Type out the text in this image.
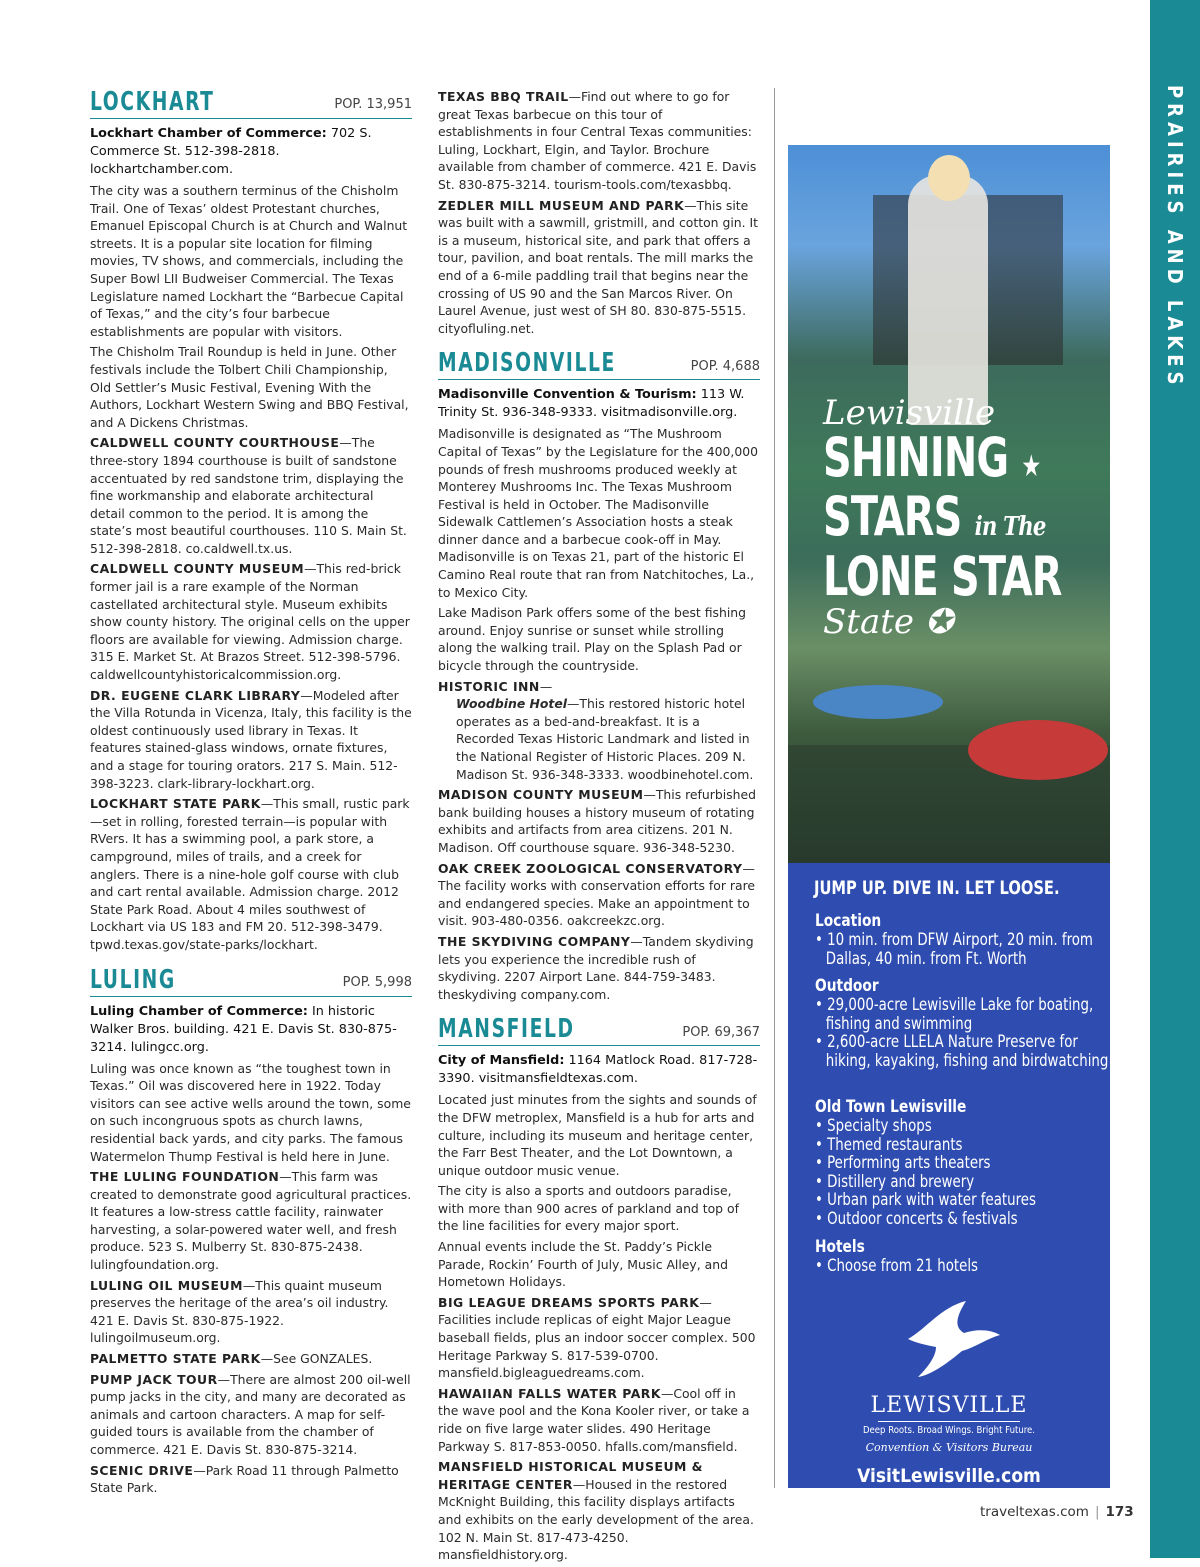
PRAIRIES AND LAKES
LOCKHART	POP. 13,951

Lockhart Chamber of Commerce: 702 S. Commerce St. 512-398-2818. lockhartchamber.com.

The city was a southern terminus of the Chisholm Trail. One of Texas’ oldest Protestant churches, Emanuel Episcopal Church is at Church and Walnut streets. It is a popular site location for filming movies, TV shows, and commercials, including the Super Bowl LII Budweiser Commercial. The Texas Legislature named Lockhart the “Barbecue Capital of Texas,” and the city’s four barbecue establishments are popular with visitors.

The Chisholm Trail Roundup is held in June. Other festivals include the Tolbert Chili Championship, Old Settler’s Music Festival, Evening With the Authors, Lockhart Western Swing and BBQ Festival, and A Dickens Christmas.

CALDWELL COUNTY COURTHOUSE—The three-story 1894 courthouse is built of sandstone accentuated by red sandstone trim, displaying the fine workmanship and elaborate architectural detail common to the period. It is among the state’s most beautiful courthouses. 110 S. Main St. 512-398-2818. co.caldwell.tx.us.

CALDWELL COUNTY MUSEUM—This red-brick former jail is a rare example of the Norman castellated architectural style. Museum exhibits show county history. The original cells on the upper floors are available for viewing. Admission charge. 315 E. Market St. At Brazos Street. 512-398-5796. caldwellcountyhistoricalcommission.org.

DR. EUGENE CLARK LIBRARY—Modeled after the Villa Rotunda in Vicenza, Italy, this facility is the oldest continuously used library in Texas. It features stained-glass windows, ornate fixtures, and a stage for touring orators. 217 S. Main. 512-398-3223. clark-library-lockhart.org.

LOCKHART STATE PARK—This small, rustic park—set in rolling, forested terrain—is popular with RVers. It has a swimming pool, a park store, a campground, miles of trails, and a creek for anglers. There is a nine-hole golf course with club and cart rental available. Admission charge. 2012 State Park Road. About 4 miles southwest of Lockhart via US 183 and FM 20. 512-398-3479. tpwd.texas.gov/state-parks/lockhart.

LULING	POP. 5,998

Luling Chamber of Commerce: In historic Walker Bros. building. 421 E. Davis St. 830-875-3214. lulingcc.org.

Luling was once known as “the toughest town in Texas.” Oil was discovered here in 1922. Today visitors can see active wells around the town, some on such incongruous spots as church lawns, residential back yards, and city parks. The famous Watermelon Thump Festival is held here in June.

THE LULING FOUNDATION—This farm was created to demonstrate good agricultural practices. It features a low-stress cattle facility, rainwater harvesting, a solar-powered water well, and fresh produce. 523 S. Mulberry St. 830-875-2438. lulingfoundation.org.

LULING OIL MUSEUM—This quaint museum preserves the heritage of the area’s oil industry. 421 E. Davis St. 830-875-1922. lulingoilmuseum.org.

PALMETTO STATE PARK—See GONZALES.

PUMP JACK TOUR—There are almost 200 oil-well pump jacks in the city, and many are decorated as animals and cartoon characters. A map for self-guided tours is available from the chamber of commerce. 421 E. Davis St. 830-875-3214.

SCENIC DRIVE—Park Road 11 through Palmetto State Park.

TEXAS BBQ TRAIL—Find out where to go for great Texas barbecue on this tour of establishments in four Central Texas communities: Luling, Lockhart, Elgin, and Taylor. Brochure available from chamber of commerce. 421 E. Davis St. 830-875-3214. tourism-tools.com/texasbbq.

ZEDLER MILL MUSEUM AND PARK—This site was built with a sawmill, gristmill, and cotton gin. It is a museum, historical site, and park that offers a tour, pavilion, and boat rentals. The mill marks the end of a 6-mile paddling trail that begins near the crossing of US 90 and the San Marcos River. On Laurel Avenue, just west of SH 80. 830-875-5515. cityofluling.net.

MADISONVILLE	POP. 4,688

Madisonville Convention & Tourism: 113 W. Trinity St. 936-348-9333. visitmadisonville.org.

Madisonville is designated as “The Mushroom Capital of Texas” by the Legislature for the 400,000 pounds of fresh mushrooms produced weekly at Monterey Mushrooms Inc. The Texas Mushroom Festival is held in October. The Madisonville Sidewalk Cattlemen’s Association hosts a steak dinner dance and a barbecue cook-off in May. Madisonville is on Texas 21, part of the historic El Camino Real route that ran from Natchitoches, La., to Mexico City.

Lake Madison Park offers some of the best fishing around. Enjoy sunrise or sunset while strolling along the walking trail. Play on the Splash Pad or bicycle through the countryside.

HISTORIC INN—

Woodbine Hotel—This restored historic hotel operates as a bed-and-breakfast. It is a Recorded Texas Historic Landmark and listed in the National Register of Historic Places. 209 N. Madison St. 936-348-3333. woodbinehotel.com.

MADISON COUNTY MUSEUM—This refurbished bank building houses a history museum of rotating exhibits and artifacts from area citizens. 201 N. Madison. Off courthouse square. 936-348-5230.

OAK CREEK ZOOLOGICAL CONSERVATORY—The facility works with conservation efforts for rare and endangered species. Make an appointment to visit. 903-480-0356. oakcreekzc.org.

THE SKYDIVING COMPANY—Tandem skydiving lets you experience the incredible rush of skydiving. 2207 Airport Lane. 844-759-3483. theskydiving company.com.

MANSFIELD	POP. 69,367

City of Mansfield: 1164 Matlock Road. 817-728-3390. visitmansfieldtexas.com.

Located just minutes from the sights and sounds of the DFW metroplex, Mansfield is a hub for arts and culture, including its museum and heritage center, the Farr Best Theater, and the Lot Downtown, a unique outdoor music venue.

The city is also a sports and outdoors paradise, with more than 900 acres of parkland and top of the line facilities for every major sport.

Annual events include the St. Paddy’s Pickle Parade, Rockin’ Fourth of July, Music Alley, and Hometown Holidays.

BIG LEAGUE DREAMS SPORTS PARK—Facilities include replicas of eight Major League baseball fields, plus an indoor soccer complex. 500 Heritage Parkway S. 817-539-0700. mansfield.bigleaguedreams.com.

HAWAIIAN FALLS WATER PARK—Cool off in the wave pool and the Kona Kooler river, or take a ride on five large water slides. 490 Heritage Parkway S. 817-853-0050. hfalls.com/mansfield.

MANSFIELD HISTORICAL MUSEUM & HERITAGE CENTER—Housed in the restored McKnight Building, this facility displays artifacts and exhibits on the early development of the area. 102 N. Main St. 817-473-4250. mansfieldhistory.org.

Lewisville
SHINING ★
STARS in The
LONE STAR
State ✪
JUMP UP. DIVE IN. LET LOOSE.
Location
• 10 min. from DFW Airport, 20 min. from Dallas, 40 min. from Ft. Worth
Outdoor
• 29,000-acre Lewisville Lake for boating, fishing and swimming
• 2,600-acre LLELA Nature Preserve for hiking, kayaking, fishing and birdwatching
Old Town Lewisville
• Specialty shops
• Themed restaurants
• Performing arts theaters
• Distillery and brewery
• Urban park with water features
• Outdoor concerts & festivals
Hotels
• Choose from 21 hotels
LEWISVILLE
Deep Roots. Broad Wings. Bright Future.
Convention & Visitors Bureau
VisitLewisville.com
traveltexas.com | 173
